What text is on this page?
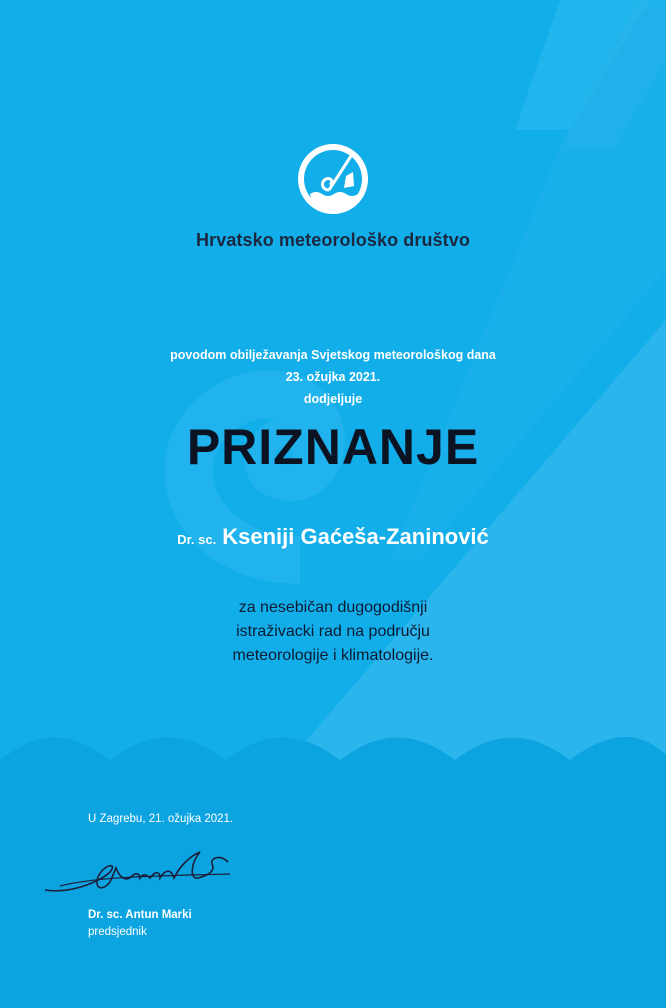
Hrvatsko meteorološko društvo
povodom obilježavanja Svjetskog meteorološkog dana
23. ožujka 2021.
dodjeljuje
PRIZNANJE
Dr. sc. Kseniji Gaćeša-Zaninović
za nesebičan dugogodišnji
istraživacki rad na području
meteorologije i klimatologije.
U Zagrebu, 21. ožujka 2021.
Dr. sc. Antun Marki
predsjednik
